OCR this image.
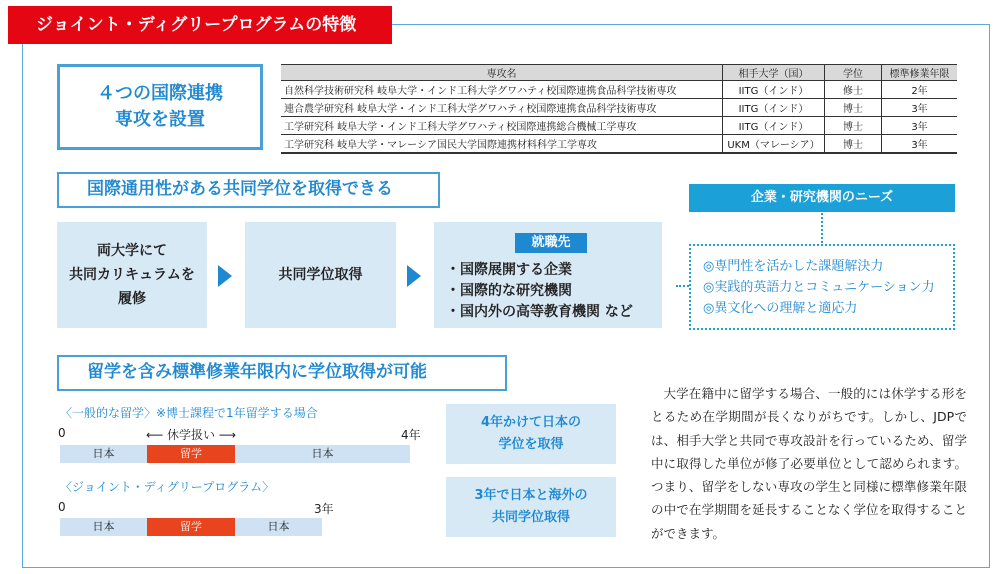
ジョイント・ディグリープログラムの特徴
４つの国際連携
専攻を設置
専攻名	相手大学（国）	学位	標準修業年限
自然科学技術研究科 岐阜大学・インド工科大学グワハティ校国際連携食品科学技術専攻	IITG（インド）	修士	2年
連合農学研究科 岐阜大学・インド工科大学グワハティ校国際連携食品科学技術専攻	IITG（インド）	博士	3年
工学研究科 岐阜大学・インド工科大学グワハティ校国際連携総合機械工学専攻	IITG（インド）	博士	3年
工学研究科 岐阜大学・マレーシア国民大学国際連携材料科学工学専攻	UKM（マレーシア）	博士	3年
国際通用性がある共同学位を取得できる
両大学にて
共同カリキュラムを
履修
共同学位取得
就職先
・国際展開する企業
・国際的な研究機関
・国内外の高等教育機関 など
企業・研究機関のニーズ
◎専門性を活かした課題解決力
◎実践的英語力とコミュニケーション力
◎異文化への理解と適応力
留学を含み標準修業年限内に学位取得が可能
〈一般的な留学〉※博士課程で1年留学する場合
0	⟵ 休学扱い ⟶	4年
日本	留学	日本
4年かけて日本の
学位を取得
〈ジョイント・ディグリープログラム〉
0	3年
日本	留学	日本
3年で日本と海外の
共同学位取得
大学在籍中に留学する場合、一般的には休学する形をとるため在学期間が長くなりがちです。しかし、JDPでは、相手大学と共同で専攻設計を行っているため、留学中に取得した単位が修了必要単位として認められます。つまり、留学をしない専攻の学生と同様に標準修業年限の中で在学期間を延長することなく学位を取得することができます。
